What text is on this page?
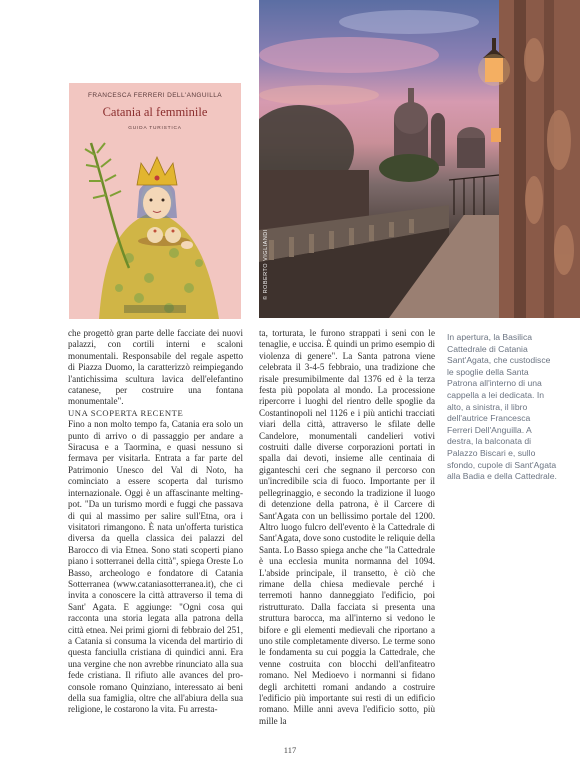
© ROBERTO VIGLIANDI
FRANCESCA FERRERI DELL'ANGUILLA
Catania al femminile
GUIDA TURISTICA

che progettò gran parte delle facciate dei nuovi palazzi, con cortili interni e scaloni monumentali. Responsabile del regale aspetto di Piazza Duomo, la caratterizzò reimpiegando l'antichissima scultura lavica dell'elefantino catanese, per costruire una fontana monumentale".

UNA SCOPERTA RECENTE

Fino a non molto tempo fa, Catania era solo un punto di arrivo o di passaggio per andare a Siracusa e a Taormina, e quasi nessuno si fermava per visitarla. Entrata a far parte del Patrimonio Unesco del Val di Noto, ha cominciato a essere scoperta dal turismo internazionale. Oggi è un affascinante melting-pot. "Da un turismo mordi e fuggi che passava di qui al massimo per salire sull'Etna, ora i visitatori rimangono. È nata un'offerta turistica diversa da quella classica dei palazzi del Barocco di via Etnea. Sono stati scoperti piano piano i sotterranei della città", spiega Oreste Lo Basso, archeologo e fondatore di Catania Sotterranea (www.cataniasotterranea.it), che ci invita a conoscere la città attraverso il tema di Sant' Agata. E aggiunge: "Ogni cosa qui racconta una storia legata alla patrona della città etnea. Nei primi giorni di febbraio del 251, a Catania si consuma la vicenda del martirio di questa fanciulla cristiana di quindici anni. Era una vergine che non avrebbe rinunciato alla sua fede cristiana. Il rifiuto alle avances del pro-console romano Quinziano, interessato ai beni della sua famiglia, oltre che all'abiura della sua religione, le costarono la vita. Fu arresta-

ta, torturata, le furono strappati i seni con le tenaglie, e uccisa. È quindi un primo esempio di violenza di genere". La Santa patrona viene celebrata il 3-4-5 febbraio, una tradizione che risale presumibilmente dal 1376 ed è la terza festa più popolata al mondo. La processione ripercorre i luoghi del rientro delle spoglie da Costantinopoli nel 1126 e i più antichi tracciati viari della città, attraverso le sfilate delle Candelore, monumentali candelieri votivi costruiti dalle diverse corporazioni portati in spalla dai devoti, insieme alle centinaia di giganteschi ceri che segnano il percorso con un'incredibile scia di fuoco. Importante per il pellegrinaggio, e secondo la tradizione il luogo di detenzione della patrona, è il Carcere di Sant'Agata con un bellissimo portale del 1200. Altro luogo fulcro dell'evento è la Cattedrale di Sant'Agata, dove sono custodite le reliquie della Santa. Lo Basso spiega anche che "la Cattedrale è una ecclesia munita normanna del 1094. L'abside principale, il transetto, è ciò che rimane della chiesa medievale perché i terremoti hanno danneggiato l'edificio, poi ristrutturato. Dalla facciata si presenta una struttura barocca, ma all'interno si vedono le bifore e gli elementi medievali che riportano a uno stile completamente diverso. Le terme sono le fondamenta su cui poggia la Cattedrale, che venne costruita con blocchi dell'anfiteatro romano. Nel Medioevo i normanni si fidano degli architetti romani andando a costruire l'edificio più importante sui resti di un edificio romano. Mille anni aveva l'edificio sotto, più mille la

In apertura, la Basilica Cattedrale di Catania Sant'Agata, che custodisce le spoglie della Santa Patrona all'interno di una cappella a lei dedicata. In alto, a sinistra, il libro dell'autrice Francesca Ferreri Dell'Anguilla. A destra, la balconata di Palazzo Biscari e, sullo sfondo, cupole di Sant'Agata alla Badia e della Cattedrale.
117
